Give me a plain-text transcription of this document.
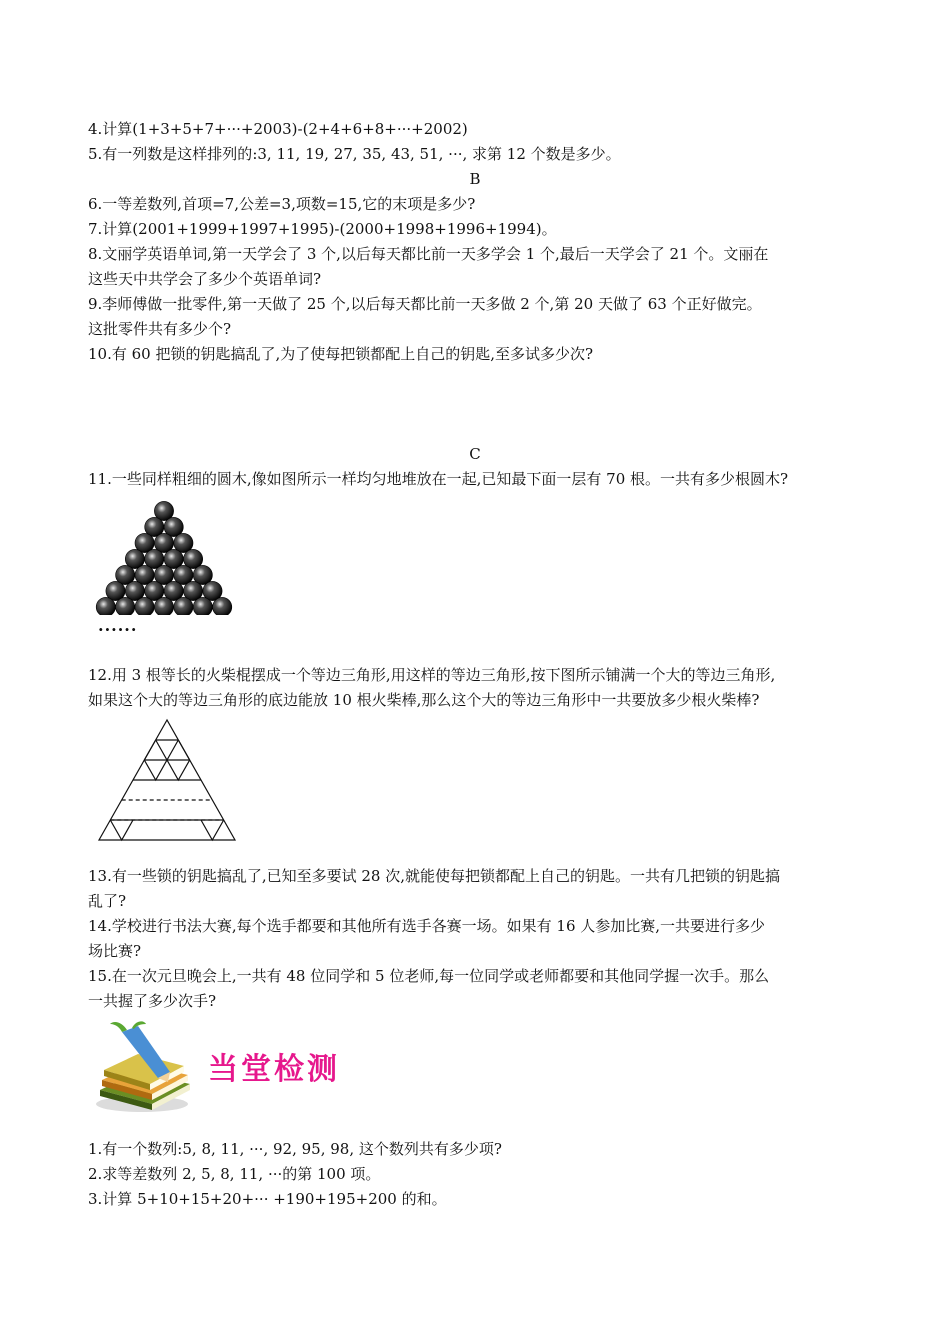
4.计算(1+3+5+7+···+2003)-(2+4+6+8+···+2002)
5.有一列数是这样排列的:3, 11, 19, 27, 35, 43, 51, ···, 求第 12 个数是多少。
B
6.一等差数列,首项=7,公差=3,项数=15,它的末项是多少?
7.计算(2001+1999+1997+1995)-(2000+1998+1996+1994)。
8.文丽学英语单词,第一天学会了 3 个,以后每天都比前一天多学会 1 个,最后一天学会了 21 个。文丽在
这些天中共学会了多少个英语单词?
9.李师傅做一批零件,第一天做了 25 个,以后每天都比前一天多做 2 个,第 20 天做了 63 个正好做完。
这批零件共有多少个?
10.有 60 把锁的钥匙搞乱了,为了使每把锁都配上自己的钥匙,至多试多少次?
C
11.一些同样粗细的圆木,像如图所示一样均匀地堆放在一起,已知最下面一层有 70 根。一共有多少根圆木?
······
12.用 3 根等长的火柴棍摆成一个等边三角形,用这样的等边三角形,按下图所示铺满一个大的等边三角形,
如果这个大的等边三角形的底边能放 10 根火柴棒,那么这个大的等边三角形中一共要放多少根火柴棒?
13.有一些锁的钥匙搞乱了,已知至多要试 28 次,就能使每把锁都配上自己的钥匙。一共有几把锁的钥匙搞
乱了?
14.学校进行书法大赛,每个选手都要和其他所有选手各赛一场。如果有 16 人参加比赛,一共要进行多少
场比赛?
15.在一次元旦晚会上,一共有 48 位同学和 5 位老师,每一位同学或老师都要和其他同学握一次手。那么
一共握了多少次手?
当堂检测
1.有一个数列:5, 8, 11, ···, 92, 95, 98, 这个数列共有多少项?
2.求等差数列 2, 5, 8, 11, ···的第 100 项。
3.计算 5+10+15+20+··· +190+195+200 的和。
